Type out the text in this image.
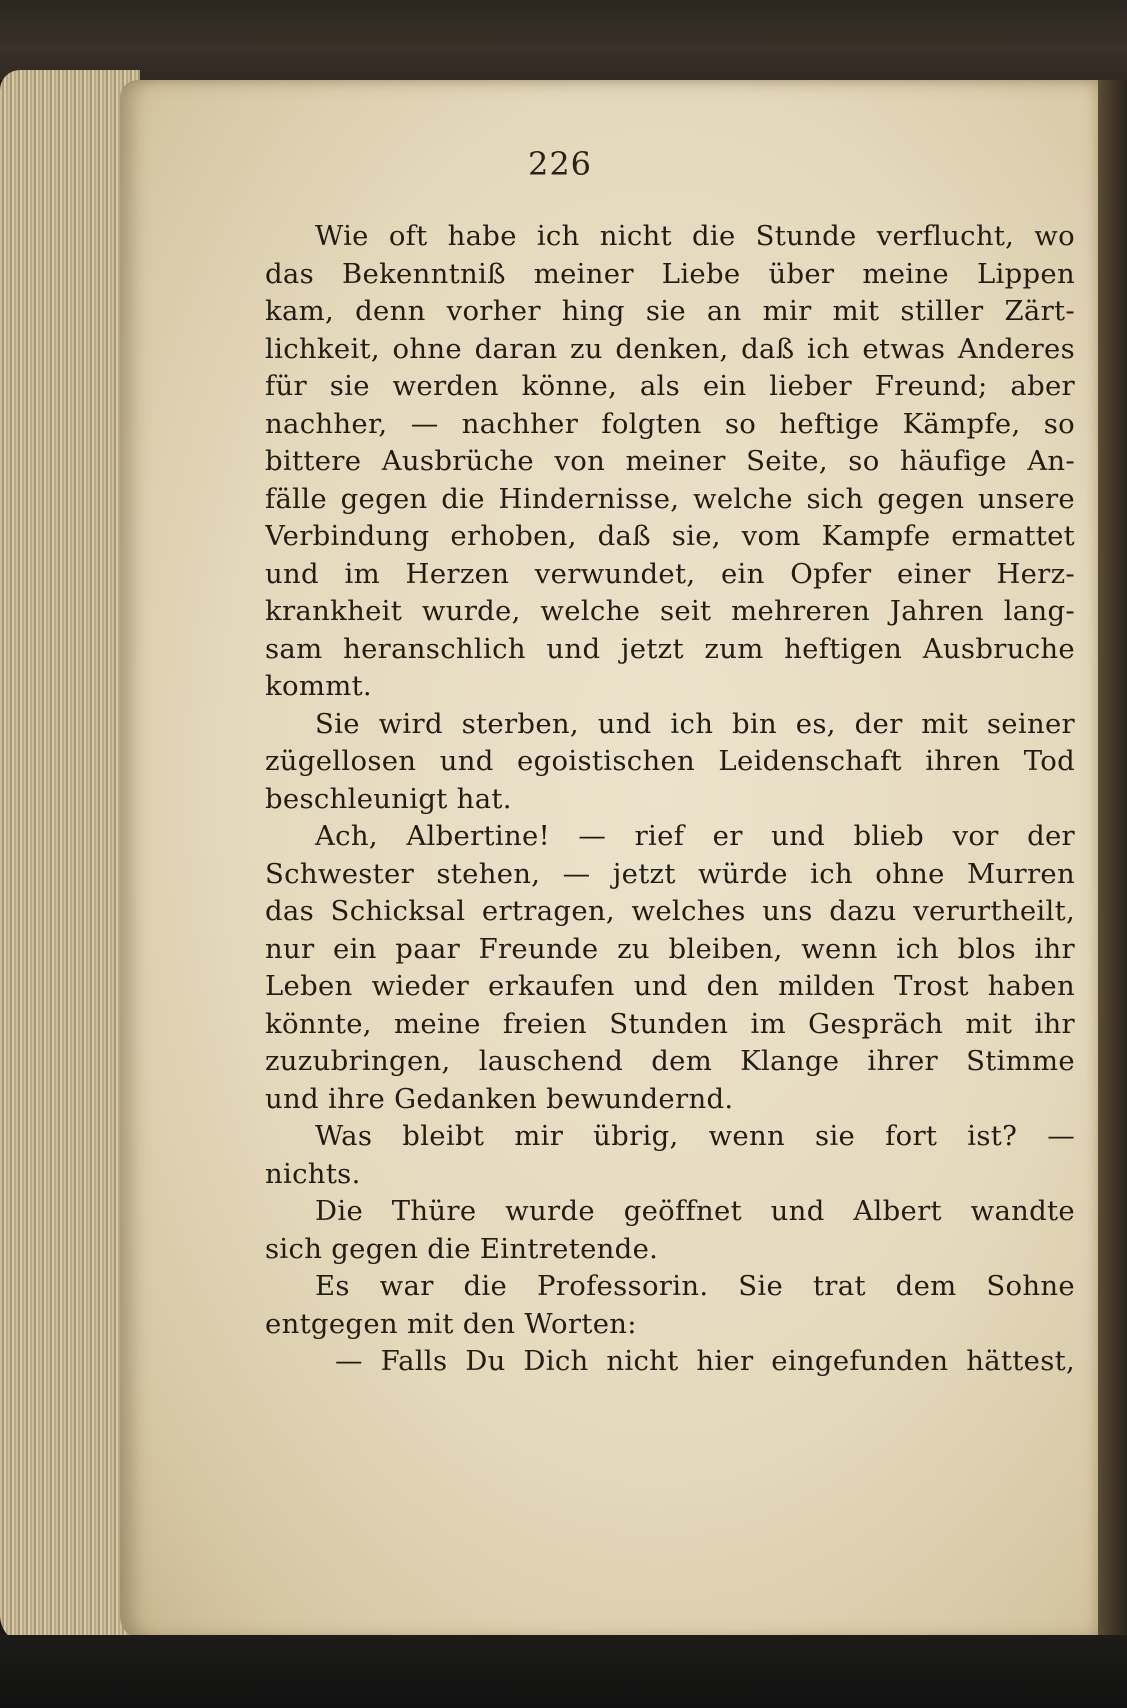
226
Wie oft habe ich nicht die Stunde verflucht, wo
das Bekenntniß meiner Liebe über meine Lippen
kam, denn vorher hing sie an mir mit stiller Zärt-
lichkeit, ohne daran zu denken, daß ich etwas Anderes
für sie werden könne, als ein lieber Freund; aber
nachher, — nachher folgten so heftige Kämpfe, so
bittere Ausbrüche von meiner Seite, so häufige An-
fälle gegen die Hindernisse, welche sich gegen unsere
Verbindung erhoben, daß sie, vom Kampfe ermattet
und im Herzen verwundet, ein Opfer einer Herz-
krankheit wurde, welche seit mehreren Jahren lang-
sam heranschlich und jetzt zum heftigen Ausbruche
kommt.
Sie wird sterben, und ich bin es, der mit seiner
zügellosen und egoistischen Leidenschaft ihren Tod
beschleunigt hat.
Ach, Albertine! — rief er und blieb vor der
Schwester stehen, — jetzt würde ich ohne Murren
das Schicksal ertragen, welches uns dazu verurtheilt,
nur ein paar Freunde zu bleiben, wenn ich blos ihr
Leben wieder erkaufen und den milden Trost haben
könnte, meine freien Stunden im Gespräch mit ihr
zuzubringen, lauschend dem Klange ihrer Stimme
und ihre Gedanken bewundernd.
Was bleibt mir übrig, wenn sie fort ist? —
nichts.
Die Thüre wurde geöffnet und Albert wandte
sich gegen die Eintretende.
Es war die Professorin. Sie trat dem Sohne
entgegen mit den Worten:
— Falls Du Dich nicht hier eingefunden hättest,
